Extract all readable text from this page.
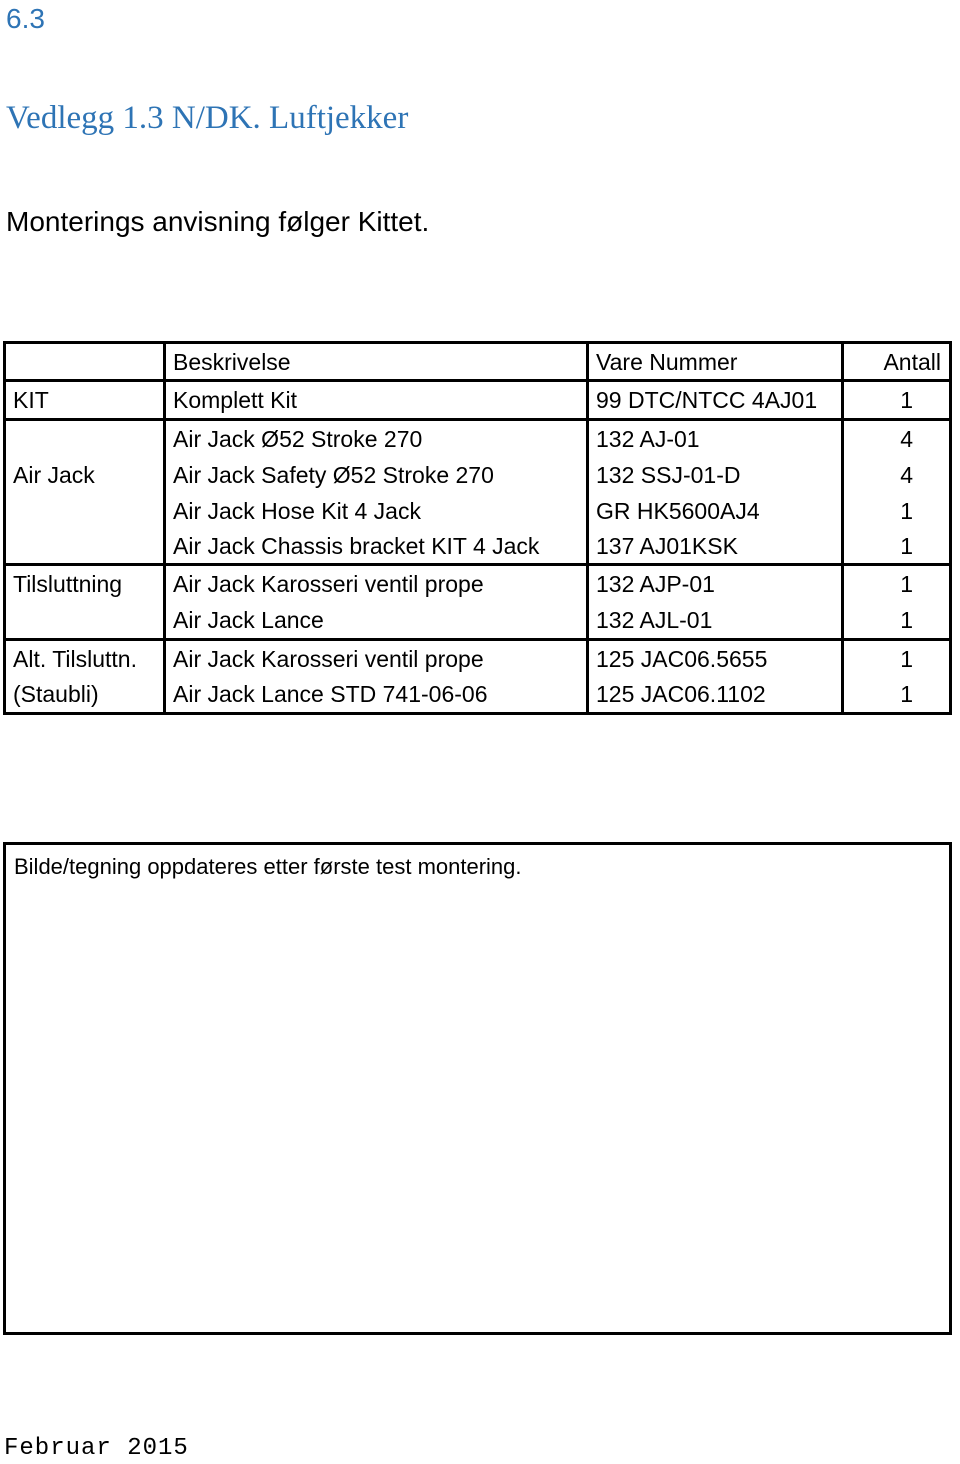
6.3
Vedlegg 1.3 N/DK. Luftjekker
Monterings anvisning følger Kittet.
	Beskrivelse	Vare Nummer	Antall
KIT	Komplett Kit	99 DTC/NTCC 4AJ01	1
	Air Jack Ø52 Stroke 270	132 AJ-01	4
Air Jack	Air Jack Safety Ø52 Stroke 270	132 SSJ-01-D	4
	Air Jack Hose Kit 4 Jack	GR HK5600AJ4	1
	Air Jack Chassis bracket KIT 4 Jack	137 AJ01KSK	1
Tilsluttning	Air Jack Karosseri ventil prope	132 AJP-01	1
	Air Jack Lance	132 AJL-01	1
Alt. Tilsluttn.	Air Jack Karosseri ventil prope	125 JAC06.5655	1
(Staubli)	Air Jack Lance STD 741-06-06	125 JAC06.1102	1
Bilde/tegning oppdateres etter første test montering.
Februar 2015
